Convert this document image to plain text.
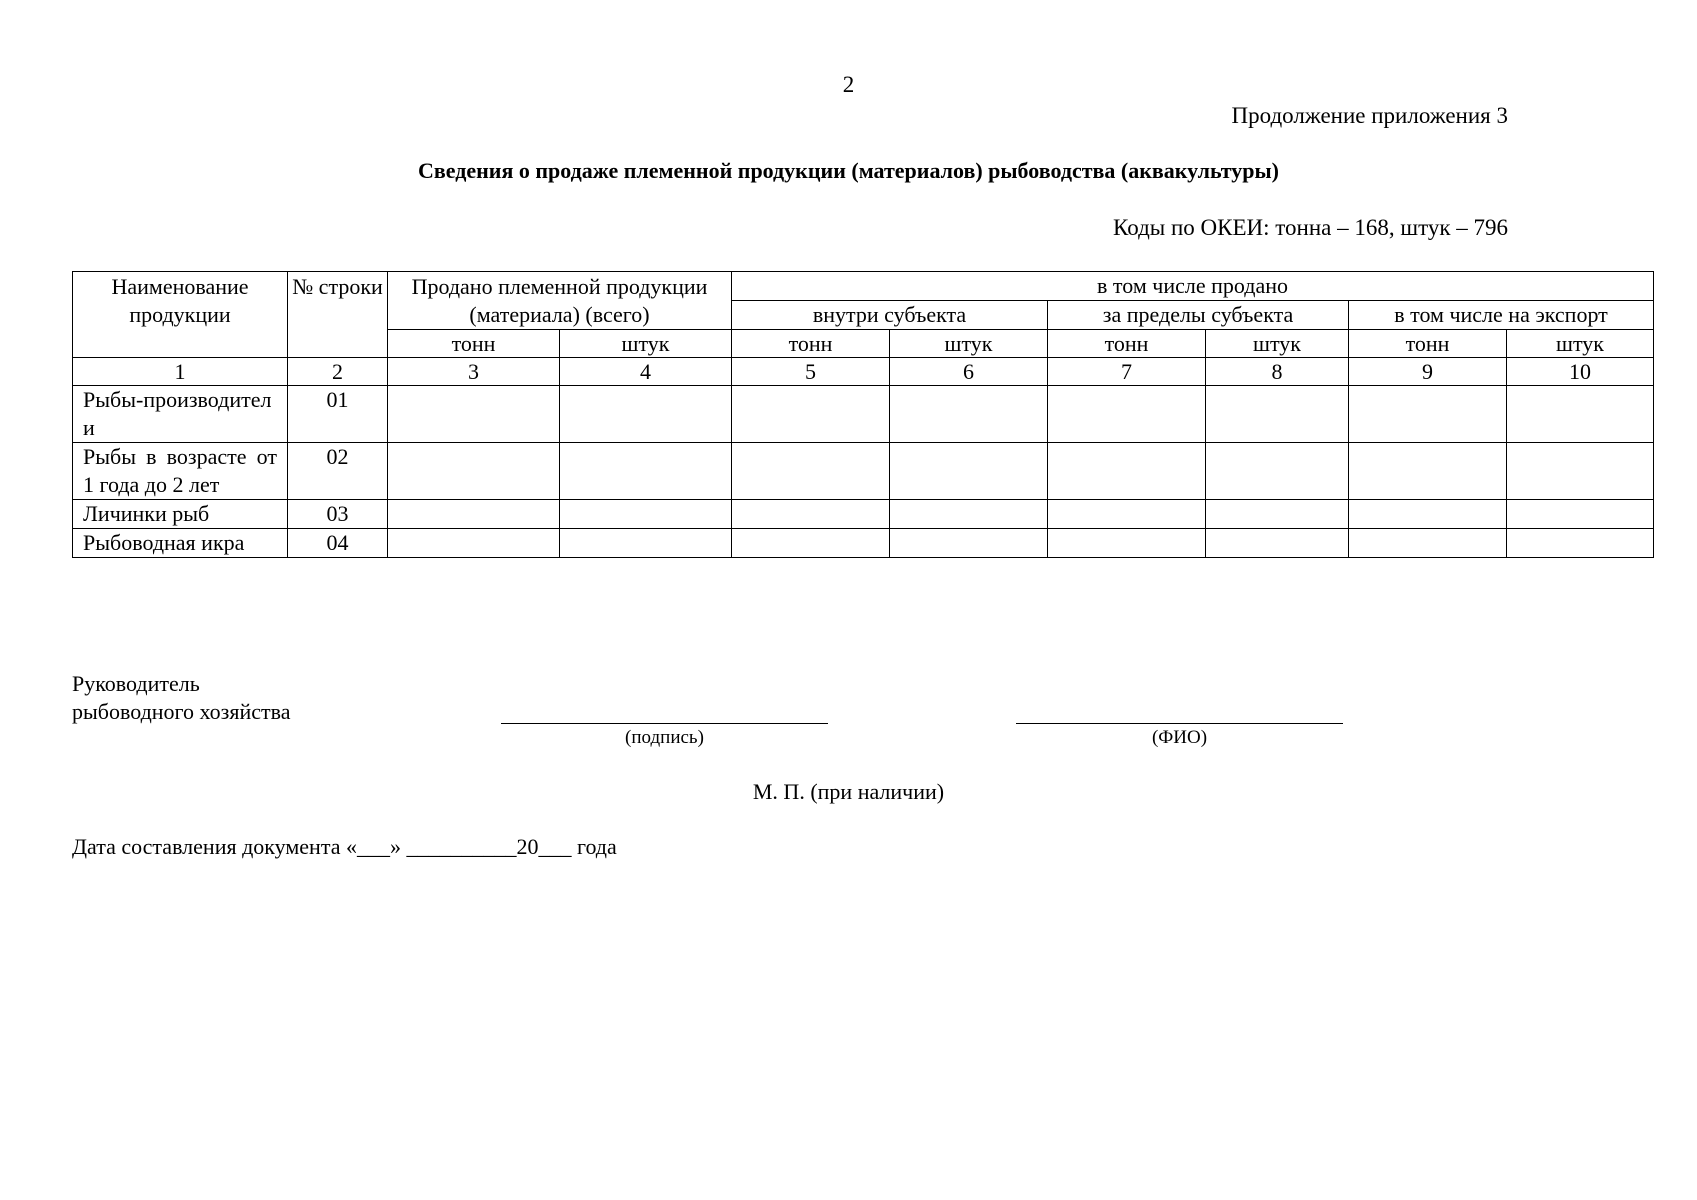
2
Продолжение приложения 3
Сведения о продаже племенной продукции (материалов) рыбоводства (аквакультуры)
Коды по ОКЕИ: тонна – 168, штук – 796
Наименование продукции	№ строки	Продано племенной продукции (материала) (всего)		в том числе продано					
				внутри субъекта		за пределы субъекта		в том числе на экспорт	
		тонн	штук	тонн	штук	тонн	штук	тонн	штук
1	2	3	4	5	6	7	8	9	10
Рыбы-производители	01								
Рыбы в возрасте от 1 года до 2 лет	02								
Личинки рыб	03								
Рыбоводная икра	04								
Руководитель
рыбоводного хозяйства
(подпись)	(ФИО)
М. П. (при наличии)
Дата составления документа «___» __________20___ года
